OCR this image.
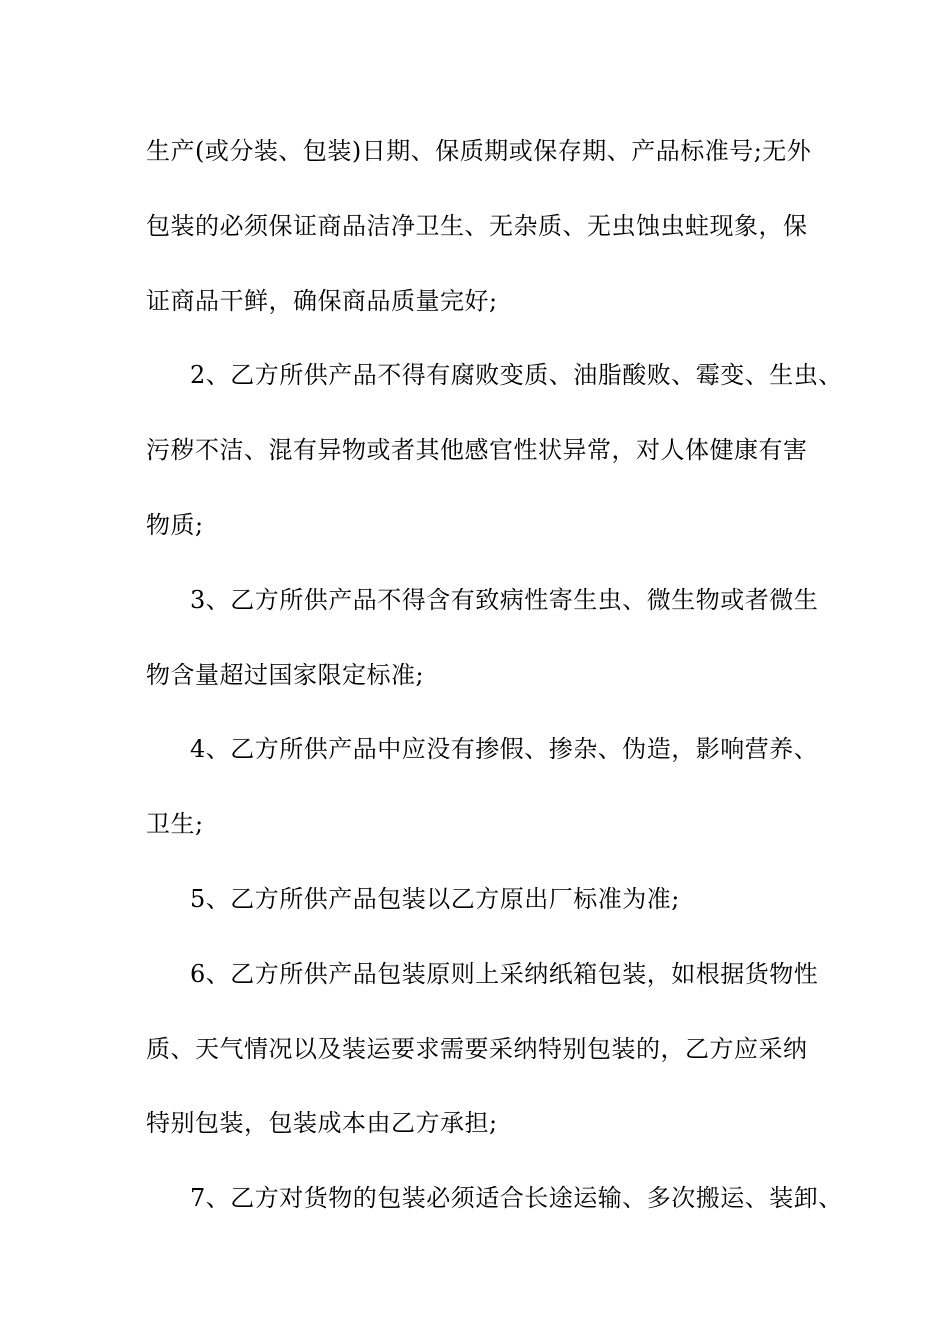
生产(或分装、包装)日期、保质期或保存期、产品标准号;无外
包装的必须保证商品洁净卫生、无杂质、无虫蚀虫蛀现象，保
证商品干鲜，确保商品质量完好;
2、乙方所供产品不得有腐败变质、油脂酸败、霉变、生虫、
污秽不洁、混有异物或者其他感官性状异常，对人体健康有害
物质;
3、乙方所供产品不得含有致病性寄生虫、微生物或者微生
物含量超过国家限定标准;
4、乙方所供产品中应没有掺假、掺杂、伪造，影响营养、
卫生;
5、乙方所供产品包装以乙方原出厂标准为准;
6、乙方所供产品包装原则上采纳纸箱包装，如根据货物性
质、天气情况以及装运要求需要采纳特别包装的，乙方应采纳
特别包装，包装成本由乙方承担;
7、乙方对货物的包装必须适合长途运输、多次搬运、装卸、
